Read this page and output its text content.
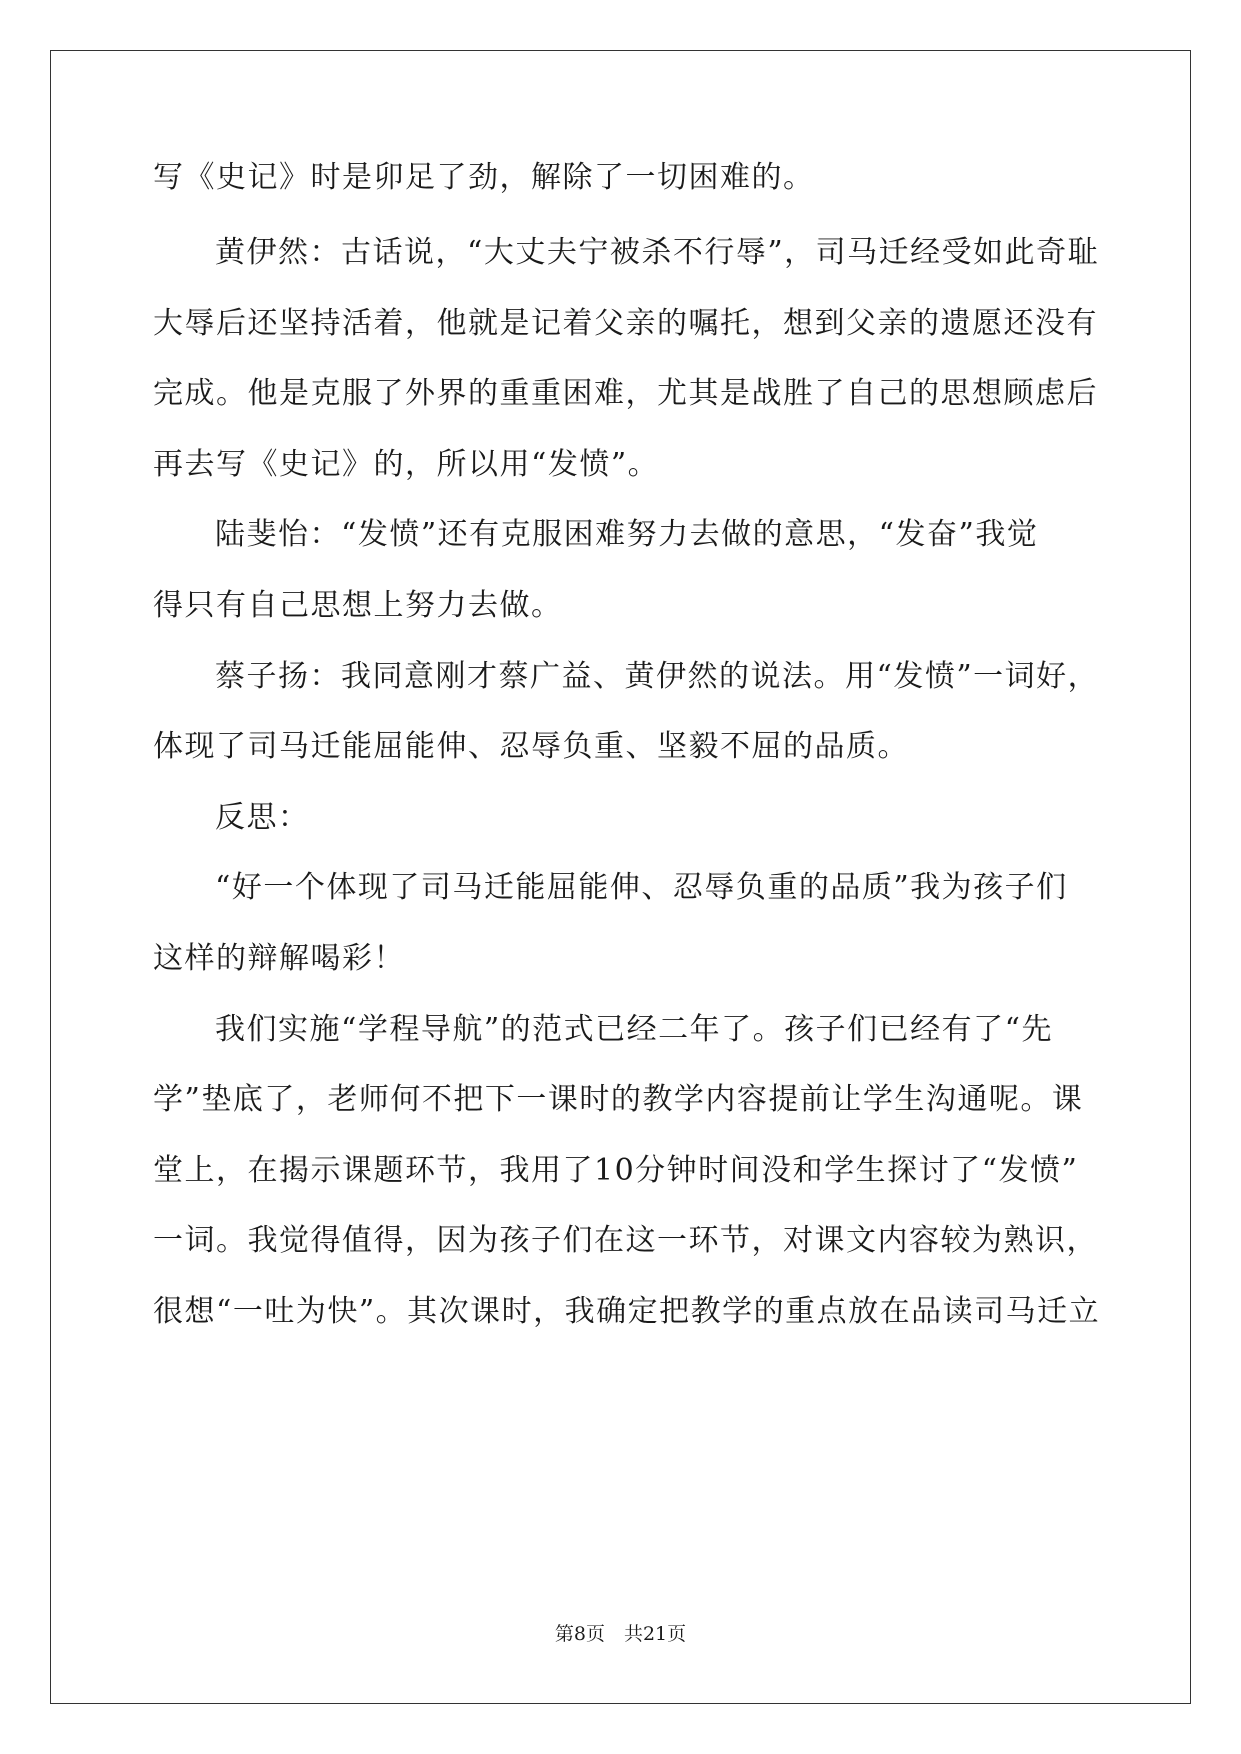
写《史记》时是卯足了劲，解除了一切困难的。
黄伊然：古话说，“大丈夫宁被杀不行辱”，司马迁经受如此奇耻
大辱后还坚持活着，他就是记着父亲的嘱托，想到父亲的遗愿还没有
完成。他是克服了外界的重重困难，尤其是战胜了自己的思想顾虑后
再去写《史记》的，所以用“发愤”。
陆斐怡：“发愤”还有克服困难努力去做的意思，“发奋”我觉
得只有自己思想上努力去做。
蔡子扬：我同意刚才蔡广益、黄伊然的说法。用“发愤”一词好，
体现了司马迁能屈能伸、忍辱负重、坚毅不屈的品质。
反思：
“好一个体现了司马迁能屈能伸、忍辱负重的品质”我为孩子们
这样的辩解喝彩！
我们实施“学程导航”的范式已经二年了。孩子们已经有了“先
学”垫底了，老师何不把下一课时的教学内容提前让学生沟通呢。课
堂上，在揭示课题环节，我用了10分钟时间没和学生探讨了“发愤”
一词。我觉得值得，因为孩子们在这一环节，对课文内容较为熟识，
很想“一吐为快”。其次课时，我确定把教学的重点放在品读司马迁立
第8页　共21页
